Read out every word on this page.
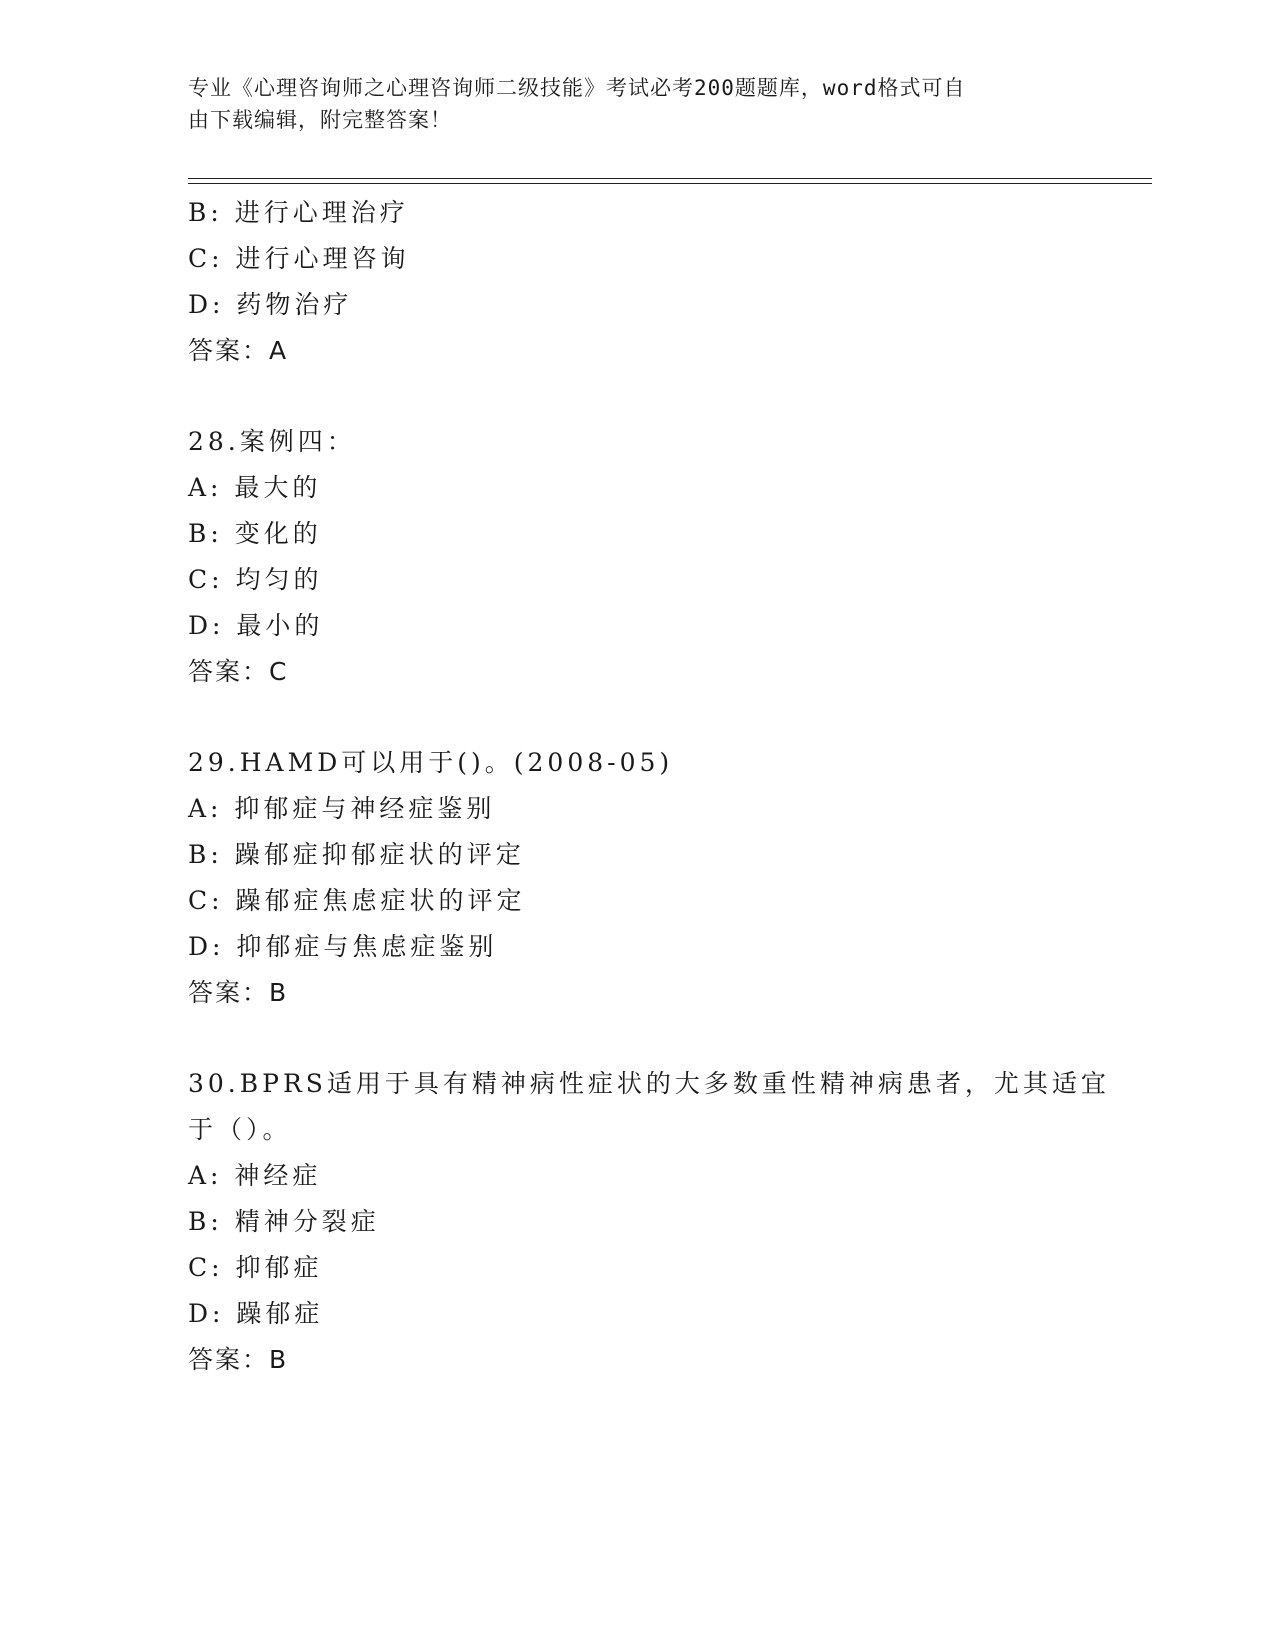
专业《心理咨询师之心理咨询师二级技能》考试必考200题题库，word格式可自
由下载编辑，附完整答案！
B: 进行心理治疗
C: 进行心理咨询
D: 药物治疗
答案：A
28.案例四：
A: 最大的
B: 变化的
C: 均匀的
D: 最小的
答案：C
29.HAMD可以用于()。(2008-05)
A: 抑郁症与神经症鉴别
B: 躁郁症抑郁症状的评定
C: 躁郁症焦虑症状的评定
D: 抑郁症与焦虑症鉴别
答案：B
30.BPRS适用于具有精神病性症状的大多数重性精神病患者，尤其适宜
于（）。
A: 神经症
B: 精神分裂症
C: 抑郁症
D: 躁郁症
答案：B
